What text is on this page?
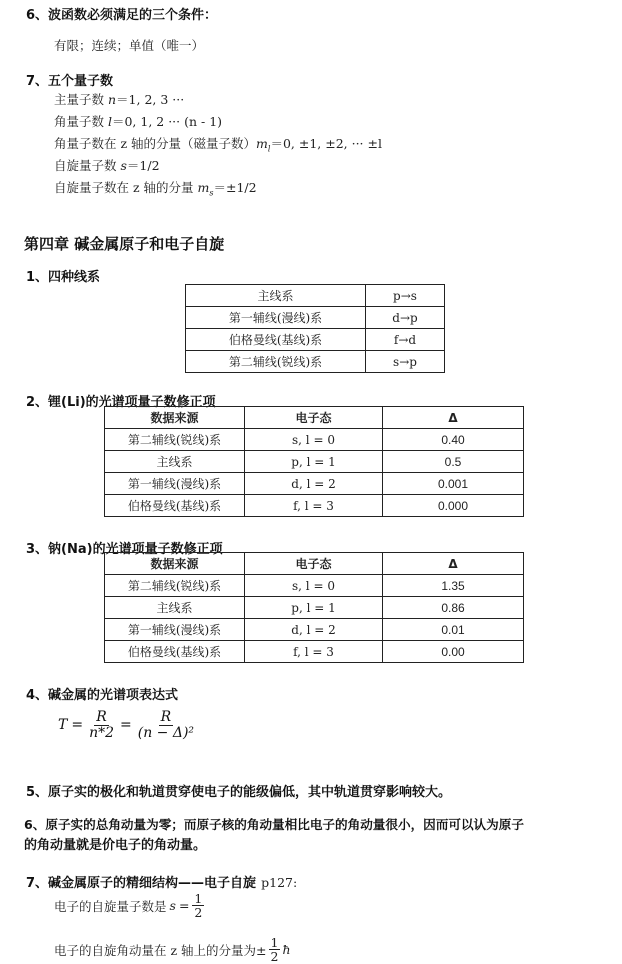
6、波函数必须满足的三个条件：
有限；连续；单值（唯一）
7、五个量子数
主量子数 n＝1, 2, 3 ···
角量子数 l＝0, 1, 2 ··· (n - 1)
角量子数在 z 轴的分量（磁量子数）$m_l=0$, ±1, ±2, ··· ±l
自旋量子数 s＝1/2
自旋量子数在 z 轴的分量 $m_s=\pm 1/2$
第四章 碱金属原子和电子自旋
1、四种线系
主线系	p→s
第一辅线(漫线)系	d→p
伯格曼线(基线)系	f→d
第二辅线(锐线)系	s→p
2、锂(Li)的光谱项量子数修正项
数据来源	电子态	Δ
第二辅线(锐线)系	s, l = 0	0.40
主线系	p, l = 1	0.5
第一辅线(漫线)系	d, l = 2	0.001
伯格曼线(基线)系	f, l = 3	0.000
3、钠(Na)的光谱项量子数修正项
数据来源	电子态	Δ
第二辅线(锐线)系	s, l = 0	1.35
主线系	p, l = 1	0.86
第一辅线(漫线)系	d, l = 2	0.01
伯格曼线(基线)系	f, l = 3	0.00
4、碱金属的光谱项表达式
$T = \frac{R}{n*2} = \frac{R}{\text{(n − Δ)²}}$
5、原子实的极化和轨道贯穿使电子的能级偏低，其中轨道贯穿影响较大。
6、原子实的总角动量为零；而原子核的角动量相比电子的角动量很小，因而可以认为原子
的角动量就是价电子的角动量。
7、碱金属原子的精细结构——电子自旋 p127:
电子的自旋量子数是 $s = \frac{1}{2}$
电子的自旋角动量在 z 轴上的分量为± $\frac{1}{2}$ ħ
